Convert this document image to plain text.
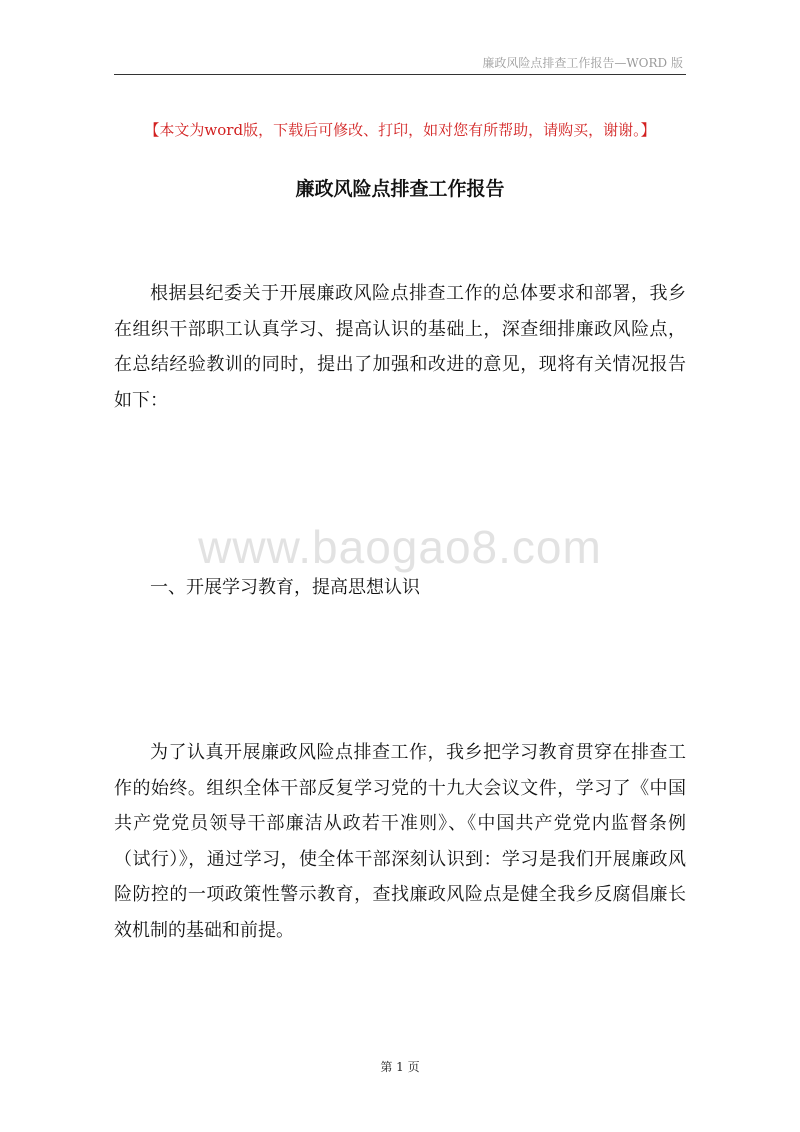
廉政风险点排查工作报告—WORD 版
【本文为word版，下载后可修改、打印，如对您有所帮助，请购买，谢谢。】
廉政风险点排查工作报告

根据县纪委关于开展廉政风险点排查工作的总体要求和部署，我乡在组织干部职工认真学习、提高认识的基础上，深查细排廉政风险点，在总结经验教训的同时，提出了加强和改进的意见，现将有关情况报告如下：

www.baogao8.com

一、开展学习教育，提高思想认识

为了认真开展廉政风险点排查工作，我乡把学习教育贯穿在排查工作的始终。组织全体干部反复学习党的十九大会议文件，学习了《中国共产党党员领导干部廉洁从政若干准则》、《中国共产党党内监督条例（试行）》，通过学习，使全体干部深刻认识到：学习是我们开展廉政风险防控的一项政策性警示教育，查找廉政风险点是健全我乡反腐倡廉长效机制的基础和前提。

第 1 页
